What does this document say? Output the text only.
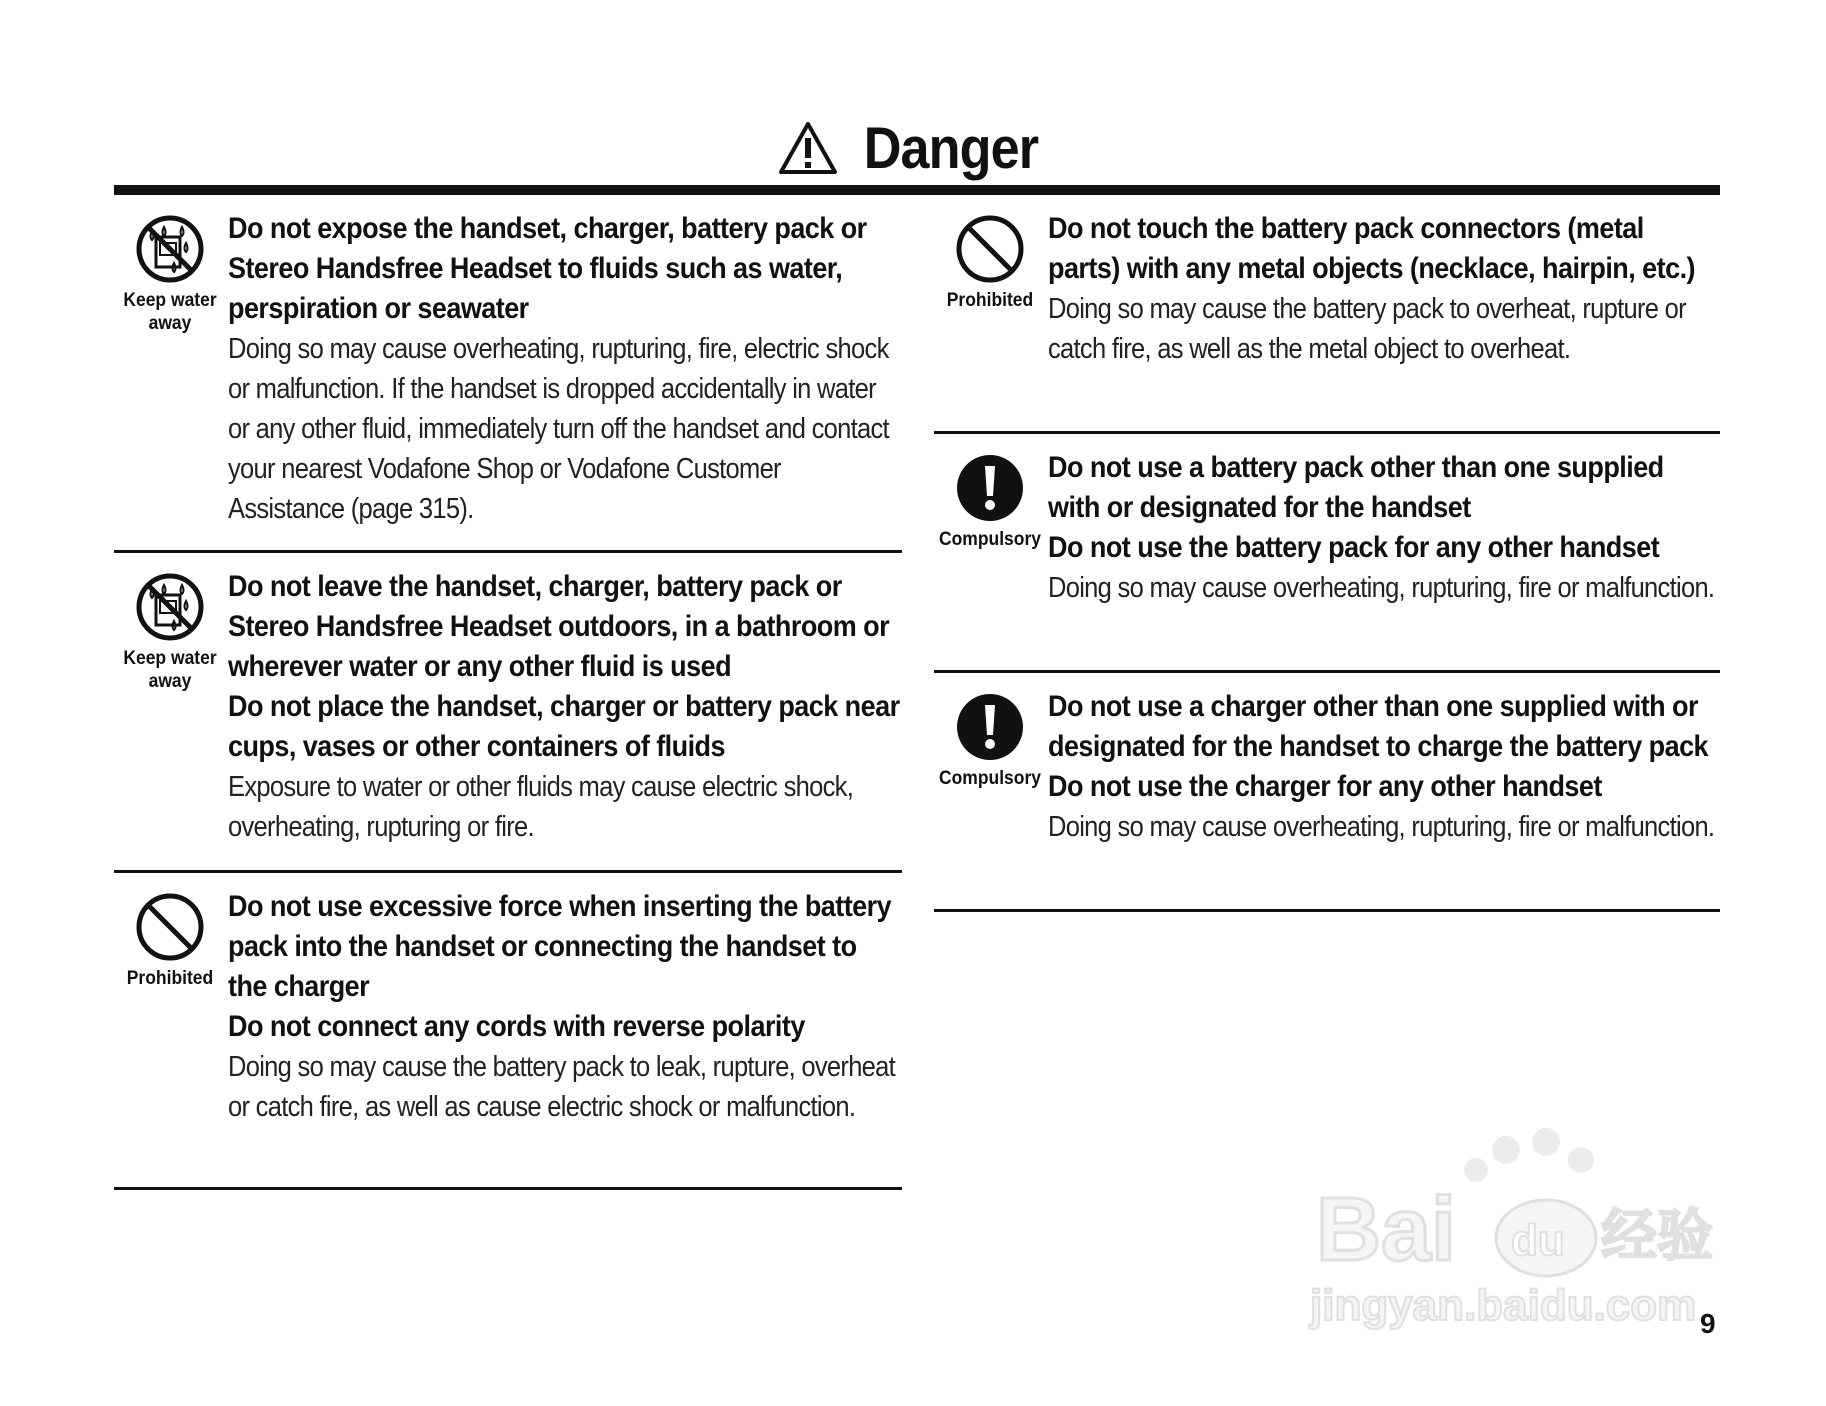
Danger
Keep water
away
Do not expose the handset, charger, battery pack or Stereo Handsfree Headset to fluids such as water, perspiration or seawater
Doing so may cause overheating, rupturing, fire, electric shock or malfunction. If the handset is dropped accidentally in water or any other fluid, immediately turn off the handset and contact your nearest Vodafone Shop or Vodafone Customer Assistance (page 315).
Keep water
away
Do not leave the handset, charger, battery pack or Stereo Handsfree Headset outdoors, in a bathroom or wherever water or any other fluid is used
Do not place the handset, charger or battery pack near cups, vases or other containers of fluids
Exposure to water or other fluids may cause electric shock, overheating, rupturing or fire.
Prohibited
Do not use excessive force when inserting the battery pack into the handset or connecting the handset to the charger
Do not connect any cords with reverse polarity
Doing so may cause the battery pack to leak, rupture, overheat or catch fire, as well as cause electric shock or malfunction.
Prohibited
Do not touch the battery pack connectors (metal parts) with any metal objects (necklace, hairpin, etc.)
Doing so may cause the battery pack to overheat, rupture or catch fire, as well as the metal object to overheat.
Compulsory
Do not use a battery pack other than one supplied with or designated for the handset
Do not use the battery pack for any other handset
Doing so may cause overheating, rupturing, fire or malfunction.
Compulsory
Do not use a charger other than one supplied with or designated for the handset to charge the battery pack
Do not use the charger for any other handset
Doing so may cause overheating, rupturing, fire or malfunction.
Bai du 经验
jingyan.baidu.com 9
